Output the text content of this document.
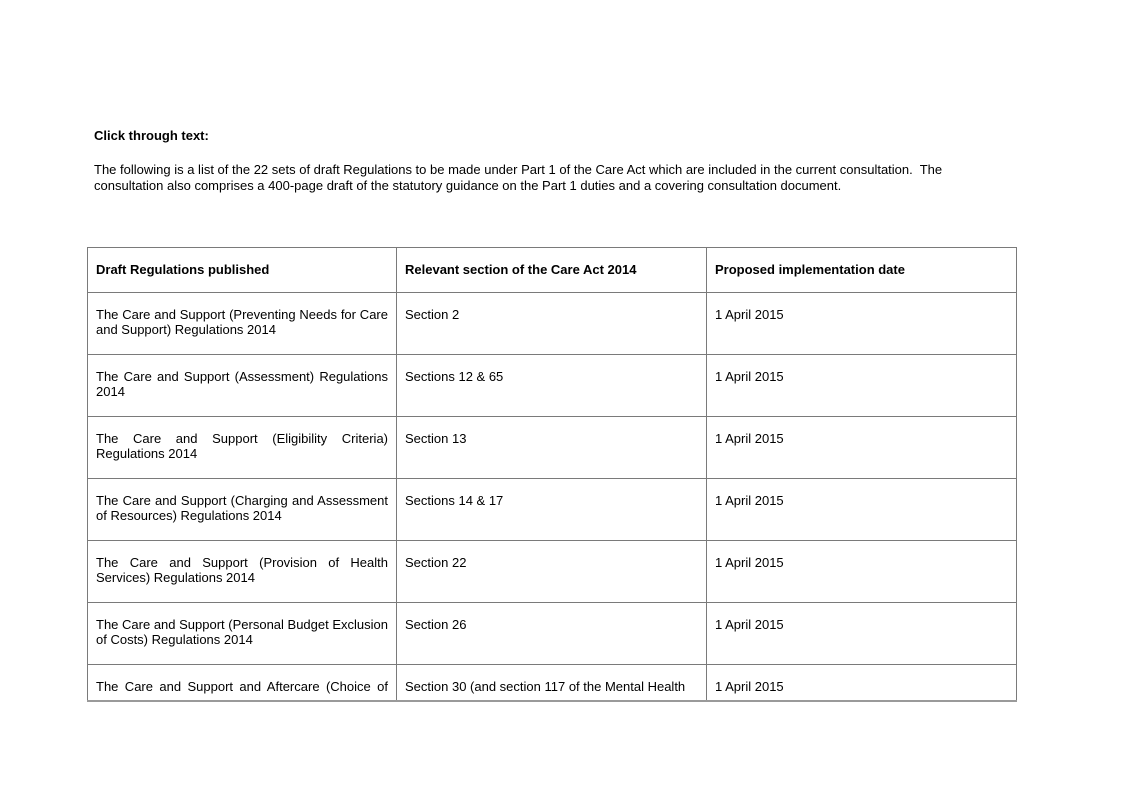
Click through text:
The following is a list of the 22 sets of draft Regulations to be made under Part 1 of the Care Act which are included in the current consultation.  The consultation also comprises a 400-page draft of the statutory guidance on the Part 1 duties and a covering consultation document.
Draft Regulations published	Relevant section of the Care Act 2014	Proposed implementation date
The Care and Support (Preventing Needs for Care and Support) Regulations 2014	Section 2	1 April 2015
The Care and Support (Assessment) Regulations 2014	Sections 12 & 65	1 April 2015
The Care and Support (Eligibility Criteria) Regulations 2014	Section 13	1 April 2015
The Care and Support (Charging and Assessment of Resources) Regulations 2014	Sections 14 & 17	1 April 2015
The Care and Support (Provision of Health Services) Regulations 2014	Section 22	1 April 2015
The Care and Support (Personal Budget Exclusion of Costs) Regulations 2014	Section 26	1 April 2015
The Care and Support and Aftercare (Choice of	Section 30 (and section 117 of the Mental Health	1 April 2015
